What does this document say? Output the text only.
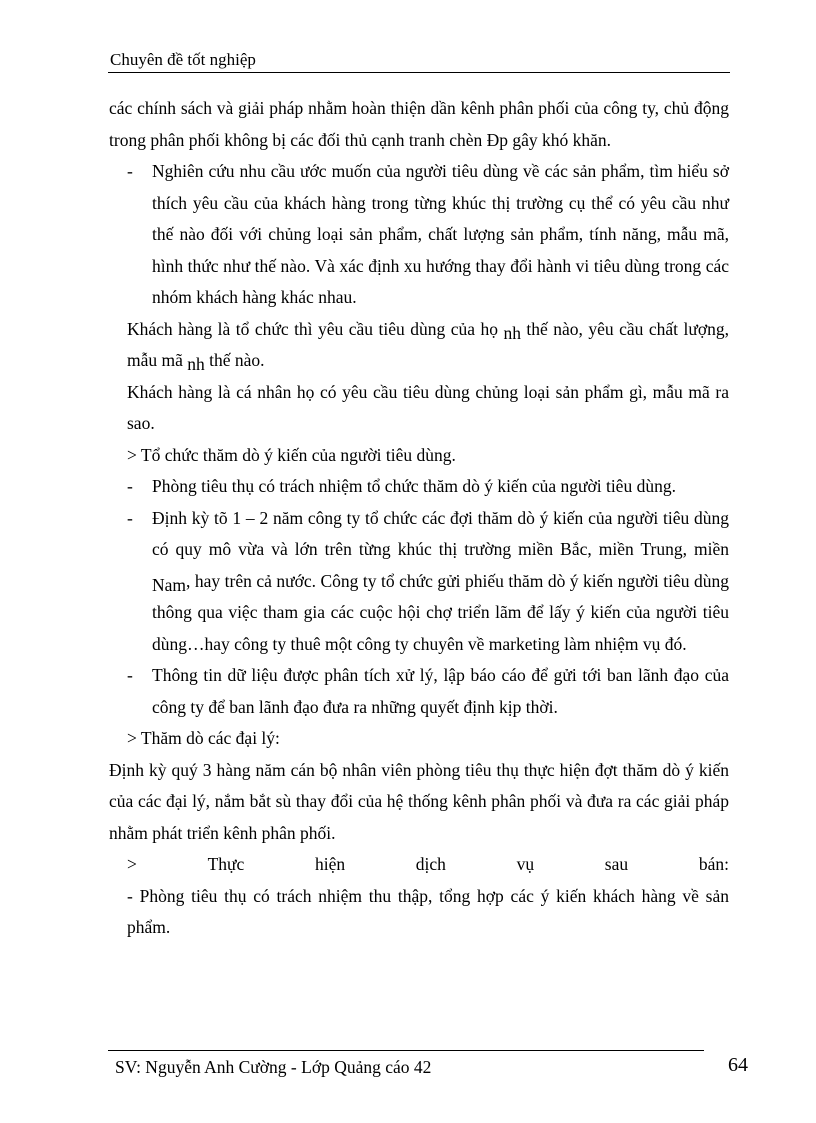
Chuyên đề tốt nghiệp

các chính sách và giải pháp nhằm hoàn thiện dần kênh phân phối của công ty, chủ động trong phân phối không bị các đối thủ cạnh tranh chèn Đp gây khó khăn.

-	Nghiên cứu nhu cầu ước muốn của người tiêu dùng về các sản phẩm, tìm hiểu sở thích yêu cầu của khách hàng trong từng khúc thị trường cụ thể có yêu cầu như thế nào đối với chủng loại sản phẩm, chất lượng sản phẩm, tính năng, mẫu mã, hình thức như thế nào. Và xác định xu hướng thay đổi hành vi tiêu dùng trong các nhóm khách hàng khác nhau.

Khách hàng là tổ chức thì yêu cầu tiêu dùng của họ nh thế nào, yêu cầu chất lượng, mẫu mã nh thế nào.

Khách hàng là cá nhân họ có yêu cầu tiêu dùng chủng loại sản phẩm gì, mẫu mã ra sao.

> Tổ chức thăm dò ý kiến của người tiêu dùng.

-	Phòng tiêu thụ có trách nhiệm tổ chức thăm dò ý kiến của người tiêu dùng.
-	Định kỳ tõ 1 – 2 năm công ty tổ chức các đợi thăm dò ý kiến của người tiêu dùng có quy mô vừa và lớn trên từng khúc thị trường miền Bắc, miền Trung, miền Nam, hay trên cả nước. Công ty tổ chức gửi phiếu thăm dò ý kiến người tiêu dùng thông qua việc tham gia các cuộc hội chợ triển lãm để lấy ý kiến của người tiêu dùng…hay công ty thuê một công ty chuyên về marketing làm nhiệm vụ đó.
-	Thông tin dữ liệu được phân tích xử lý, lập báo cáo để gửi tới ban lãnh đạo của công ty để ban lãnh đạo đưa ra những quyết định kịp thời.

> Thăm dò các đại lý:

Định kỳ quý 3 hàng năm cán bộ nhân viên phòng tiêu thụ thực hiện đợt thăm dò ý kiến của các đại lý, nắm bắt sù thay đổi của hệ thống kênh phân phối và đưa ra các giải pháp nhằm phát triển kênh phân phối.

>	Thực	hiện	dịch	vụ	sau	bán:

- Phòng tiêu thụ có trách nhiệm thu thập, tổng hợp các ý kiến khách hàng về sản phẩm.

SV: Nguyễn Anh Cường - Lớp Quảng cáo 42	64
